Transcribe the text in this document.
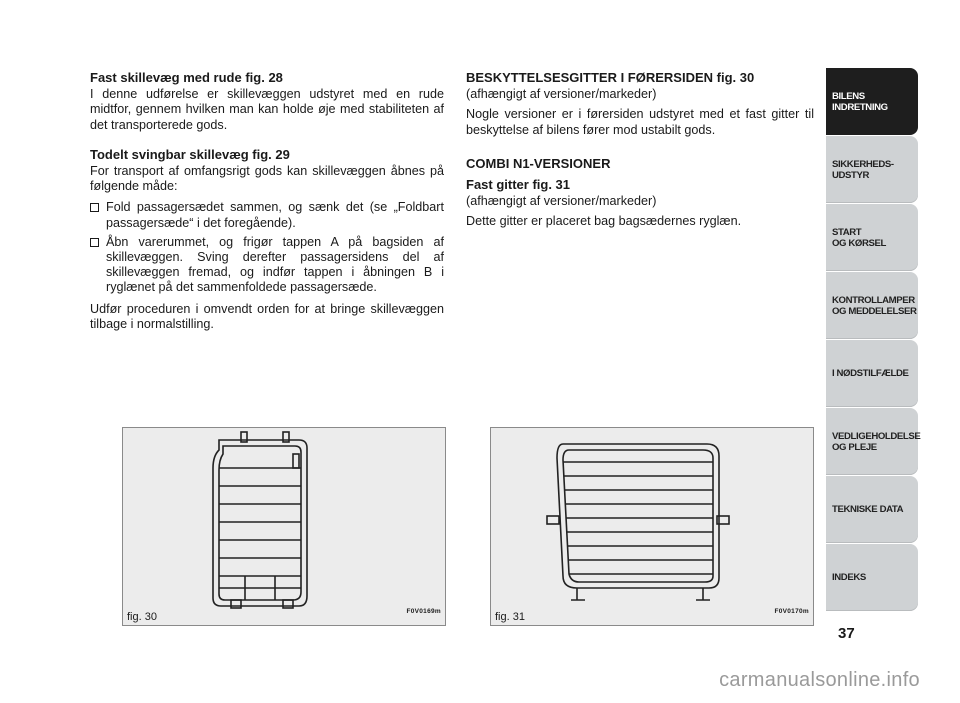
Fast skillevæg med rude fig. 28

I denne udførelse er skillevæggen udstyret med en rude midtfor, gennem hvilken man kan holde øje med stabiliteten af det transporterede gods.

Todelt svingbar skillevæg fig. 29

For transport af omfangsrigt gods kan skillevæggen åbnes på følgende måde:

Fold passagersædet sammen, og sænk det (se „Foldbart passagersæde“ i det foregående).
Åbn varerummet, og frigør tappen A på bagsiden af skillevæggen. Sving derefter passagersidens del af skillevæggen fremad, og indfør tappen i åbningen B i ryglænet på det sammenfoldede passagersæde.

Udfør proceduren i omvendt orden for at bringe skillevæggen tilbage i normalstilling.

BESKYTTELSESGITTER I FØRERSIDEN fig. 30

(afhængigt af versioner/markeder)

Nogle versioner er i førersiden udstyret med et fast gitter til beskyttelse af bilens fører mod ustabilt gods.

COMBI N1-VERSIONER
Fast gitter fig. 31

(afhængigt af versioner/markeder)

Dette gitter er placeret bag bagsædernes ryglæn.

fig. 30	F0V0169m	fig. 31	F0V0170m
BILENS
INDRETNING
SIKKERHEDS-
UDSTYR
START
OG KØRSEL
KONTROLLAMPER
OG MEDDELELSER
I NØDSTILFÆLDE
VEDLIGEHOLDELSE
OG PLEJE
TEKNISKE DATA
INDEKS
37
carmanualsonline.info
